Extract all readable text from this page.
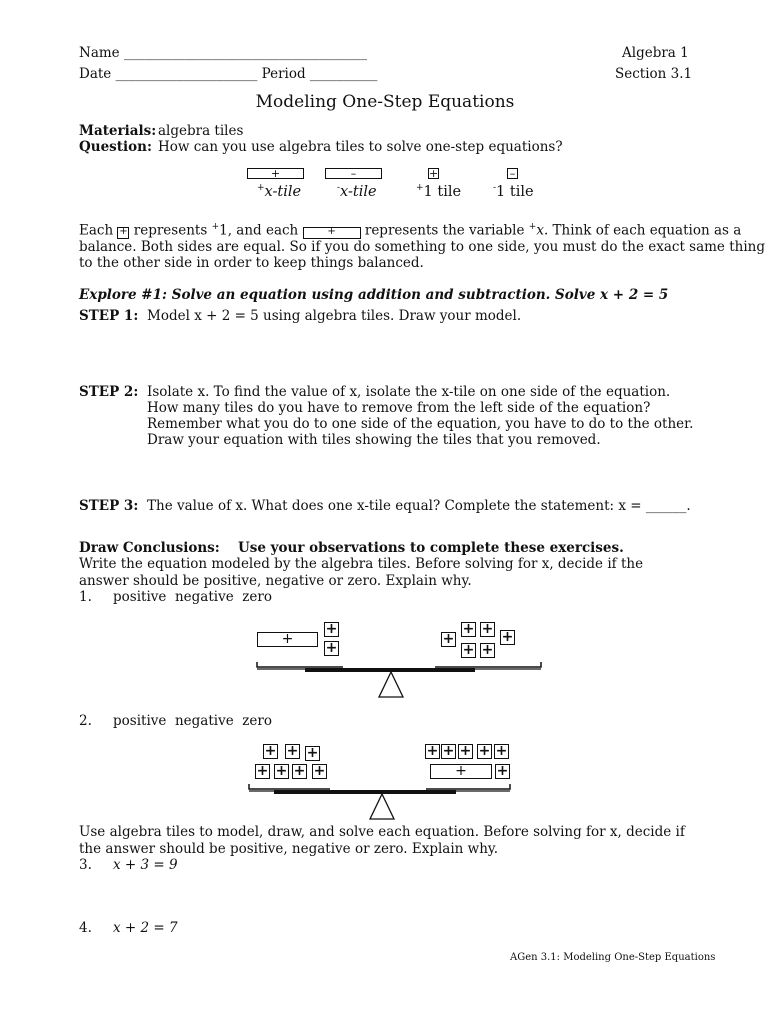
Name ____________________________________
Date _____________________ Period __________
Algebra 1
Section 3.1
Modeling One-Step Equations
Materials: algebra tiles
Question: How can you use algebra tiles to solve one-step equations?
+	–	+	–
+x-tile	-x-tile	+1 tile	-1 tile
Each + represents +1, and each	+ represents the variable +x. Think of each equation as a
balance. Both sides are equal. So if you do something to one side, you must do the exact same thing
to the other side in order to keep things balanced.
Explore #1: Solve an equation using addition and subtraction. Solve x + 2 = 5
STEP 1: Model x + 2 = 5 using algebra tiles. Draw your model.
STEP 2: Isolate x. To find the value of x, isolate the x-tile on one side of the equation. How many tiles do you have to remove from the left side of the equation? Remember what you do to one side of the equation, you have to do to the other. Draw your equation with tiles showing the tiles that you removed.
STEP 3: The value of x. What does one x-tile equal? Complete the statement: x = ______.
Draw Conclusions: Use your observations to complete these exercises.
Write the equation modeled by the algebra tiles. Before solving for x, decide if the answer should be positive, negative or zero. Explain why.
1. positive  negative  zero
+
+
+
+
+ + +
+ +
2. positive  negative  zero
+ + +
+ + + +
+ + + + +
+	+
Use algebra tiles to model, draw, and solve each equation. Before solving for x, decide if the answer should be positive, negative or zero. Explain why.
3. x + 3 = 9
4. x + 2 = 7
AGen 3.1: Modeling One-Step Equations
